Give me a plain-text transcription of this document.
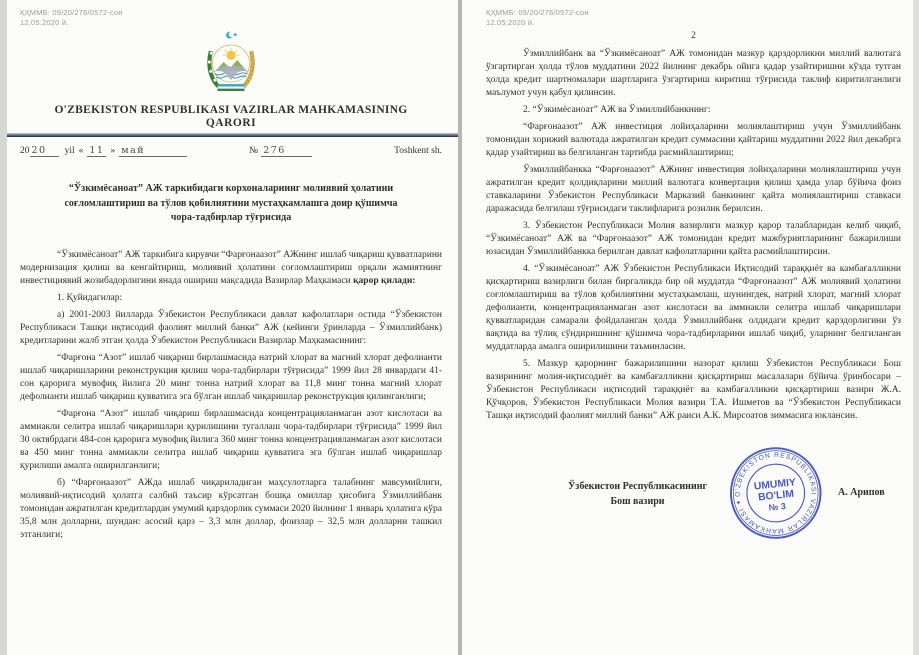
ҚҲММБ: 09/20/276/0572-сон
12.05.2020 й.
O'ZBEKISTON RESPUBLIKASI VAZIRLAR MAHKAMASINING
QARORI
20 20	yil « 11 » май	№ 276	Toshkent sh.
“Ўзкимёсаноат” АЖ таркибидаги корхоналарнинг молиявий ҳолатини соғломлаштириш ва тўлов қобилиятини мустаҳкамлашга доир қўшимча чора-тадбирлар тўғрисида

“Ўзкимёсаноат” АЖ таркибига кирувчи “Фарғонаазот” АЖнинг ишлаб чиқариш қувватларини модернизация қилиш ва кенгайтириш, молиявий ҳолатини соғломлаштириш орқали жамиятнинг инвестициявий жозибадорлигини янада ошириш мақсадида Вазирлар Маҳкамаси қарор қилади:

1. Қуйидагилар:

а) 2001-2003 йилларда Ўзбекистон Республикаси давлат кафолатлари остида “Ўзбекистон Республикаси Ташқи иқтисодий фаолият миллий банки” АЖ (кейинги ўринларда – Ўзмиллийбанк) кредитларини жалб этган ҳолда Ўзбекистон Республикаси Вазирлар Маҳкамасининг:

“Фарғона “Азот” ишлаб чиқариш бирлашмасида натрий хлорат ва магний хлорат дефолианти ишлаб чиқаришларини реконструкция қилиш чора-тадбирлари тўғрисида” 1999 йил 28 январдаги 41-сон қарорига мувофиқ йилига 20 минг тонна натрий хлорат ва 11,8 минг тонна магний хлорат дефолианти ишлаб чиқариш қувватига эга бўлган ишлаб чиқаришлар реконструкция қилинганлиги;

“Фарғона “Азот” ишлаб чиқариш бирлашмасида концентрацияланмаган азот кислотаси ва аммиакли селитра ишлаб чиқаришлари қурилишини тугаллаш чора-тадбирлари тўғрисида” 1999 йил 30 октябрдаги 484-сон қарорига мувофиқ йилига 360 минг тонна концентрацияланмаган азот кислотаси ва 450 минг тонна аммиакли селитра ишлаб чиқариш қувватига эга бўлган ишлаб чиқаришлар қурилиши амалга оширилганлиги;

б) “Фарғонаазот” АЖда ишлаб чиқариладиган маҳсулотларга талабнинг мавсумийлиги, молиявий-иқтисодий ҳолатга салбий таъсир кўрсатган бошқа омиллар ҳисобига Ўзмиллийбанк томонидан ажратилган кредитлардан умумий қарздорлик суммаси 2020 йилнинг 1 январь ҳолатига кўра 35,8 млн долларни, шундан: асосий қарз – 3,3 млн доллар, фоизлар – 32,5 млн долларни ташкил этганлиги;

ҚҲММБ: 09/20/276/0572-сон
12.05.2020 й.
2

Ўзмиллийбанк ва “Ўзкимёсаноат” АЖ томонидан мазкур қарздорликни миллий валютага ўзгартирган ҳолда тўлов муддатини 2022 йилнинг декабрь ойига қадар узайтиришни кўзда тутган ҳолда кредит шартномалари шартларига ўзгартириш киритиш тўғрисида таклиф киритилганлиги маълумот учун қабул қилинсин.

2. “Ўзкимёсаноат” АЖ ва Ўзмиллийбанкнинг:

“Фарғонаазот” АЖ инвестиция лойиҳаларини молиялаштириш учун Ўзмиллийбанк томонидан хорижий валютада ажратилган кредит суммасини қайтариш муддатини 2022 йил декабрга қадар узайтириш ва белгиланган тартибда расмийлаштириш;

Ўзмиллийбанкка “Фарғонаазот” АЖнинг инвестиция лойиҳаларини молиялаштириш учун ажратилган кредит қолдиқларини миллий валютага конвертация қилиш ҳамда улар бўйича фоиз ставкаларини Ўзбекистон Республикаси Марказий банкининг қайта молиялаштириш ставкаси даражасида белгилаш тўғрисидаги таклифларига розилик берилсин.

3. Ўзбекистон Республикаси Молия вазирлиги мазкур қарор талабларидан келиб чиқиб, “Ўзкимёсаноат” АЖ ва “Фарғонаазот” АЖ томонидан кредит мажбуриятларининг бажарилиши юзасидан Ўзмиллийбанкка берилган давлат кафолатларини қайта расмийлаштирсин.

4. “Ўзкимёсаноат” АЖ Ўзбекистон Республикаси Иқтисодий тараққиёт ва камбағалликни қисқартириш вазирлиги билан биргаликда бир ой муддатда “Фарғонаазот” АЖ молиявий ҳолатини соғломлаштириш ва тўлов қобилиятини мустаҳкамлаш, шунингдек, натрий хлорат, магний хлорат дефолианти, концентрацияланмаган азот кислотаси ва аммиакли селитра ишлаб чиқаришлари қувватларидан самарали фойдаланган ҳолда Ўзмиллийбанк олдидаги кредит қарздорлигини ўз вақтида ва тўлиқ сўндиришнинг қўшимча чора-тадбирларини ишлаб чиқиб, уларнинг белгиланган муддатларда амалга оширилишини таъминласин.

5. Мазкур қарорнинг бажарилишини назорат қилиш Ўзбекистон Республикаси Бош вазирининг молия-иқтисодиёт ва камбағалликни қисқартириш масалалари бўйича ўринбосари – Ўзбекистон Республикаси иқтисодий тараққиёт ва камбағалликни қисқартириш вазири Ж.А. Қўчқоров, Ўзбекистон Республикаси Молия вазири Т.А. Ишметов ва “Ўзбекистон Республикаси Ташқи иқтисодий фаолият миллий банки” АЖ раиси А.К. Мирсоатов зиммасига юклансин.

Ўзбекистон Республикасининг
Бош вазири
O'ZBEKISTON RESPUBLIKASI VAZIRLAR MAHKAMASI ✦
UMUMIY
BO'LIM
№ 3
А. Арипов
